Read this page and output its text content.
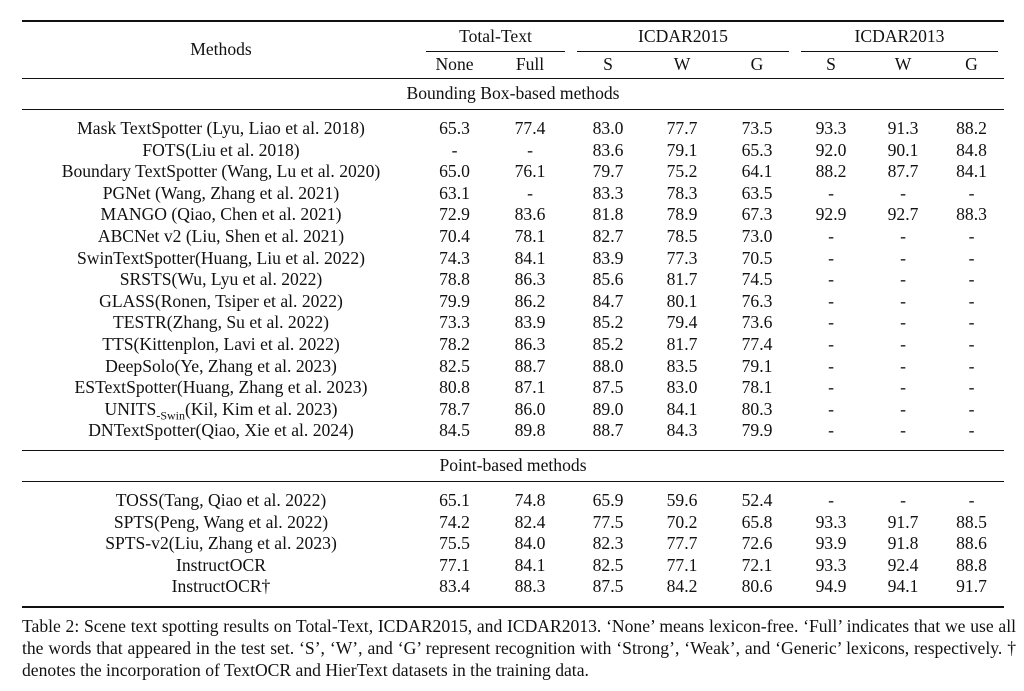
Methods	Total-Text		ICDAR2015			ICDAR2013		
	None	Full	S	W	G	S	W	G
Bounding Box-based methods								

Mask TextSpotter (Lyu, Liao et al. 2018)	65.3	77.4	83.0	77.7	73.5	93.3	91.3	88.2
FOTS(Liu et al. 2018)	-	-	83.6	79.1	65.3	92.0	90.1	84.8
Boundary TextSpotter (Wang, Lu et al. 2020)	65.0	76.1	79.7	75.2	64.1	88.2	87.7	84.1
PGNet (Wang, Zhang et al. 2021)	63.1	-	83.3	78.3	63.5	-	-	-
MANGO (Qiao, Chen et al. 2021)	72.9	83.6	81.8	78.9	67.3	92.9	92.7	88.3
ABCNet v2 (Liu, Shen et al. 2021)	70.4	78.1	82.7	78.5	73.0	-	-	-
SwinTextSpotter(Huang, Liu et al. 2022)	74.3	84.1	83.9	77.3	70.5	-	-	-
SRSTS(Wu, Lyu et al. 2022)	78.8	86.3	85.6	81.7	74.5	-	-	-
GLASS(Ronen, Tsiper et al. 2022)	79.9	86.2	84.7	80.1	76.3	-	-	-
TESTR(Zhang, Su et al. 2022)	73.3	83.9	85.2	79.4	73.6	-	-	-
TTS(Kittenplon, Lavi et al. 2022)	78.2	86.3	85.2	81.7	77.4	-	-	-
DeepSolo(Ye, Zhang et al. 2023)	82.5	88.7	88.0	83.5	79.1	-	-	-
ESTextSpotter(Huang, Zhang et al. 2023)	80.8	87.1	87.5	83.0	78.1	-	-	-
$UNITS_{-Swin}(Kil$, Kim et al. 2023)	78.7	86.0	89.0	84.1	80.3	-	-	-
DNTextSpotter(Qiao, Xie et al. 2024)	84.5	89.8	88.7	84.3	79.9	-	-	-

Point-based methods								

TOSS(Tang, Qiao et al. 2022)	65.1	74.8	65.9	59.6	52.4	-	-	-
SPTS(Peng, Wang et al. 2022)	74.2	82.4	77.5	70.2	65.8	93.3	91.7	88.5
SPTS-v2(Liu, Zhang et al. 2023)	75.5	84.0	82.3	77.7	72.6	93.9	91.8	88.6
InstructOCR	77.1	84.1	82.5	77.1	72.1	93.3	92.4	88.8
InstructOCR†	83.4	88.3	87.5	84.2	80.6	94.9	94.1	91.7

Table 2: Scene text spotting results on Total-Text, ICDAR2015, and ICDAR2013. ‘None’ means lexicon-free. ‘Full’ indicates that we use all the words that appeared in the test set. ‘S’, ‘W’, and ‘G’ represent recognition with ‘Strong’, ‘Weak’, and ‘Generic’ lexicons, respectively. † denotes the incorporation of TextOCR and HierText datasets in the training data.
